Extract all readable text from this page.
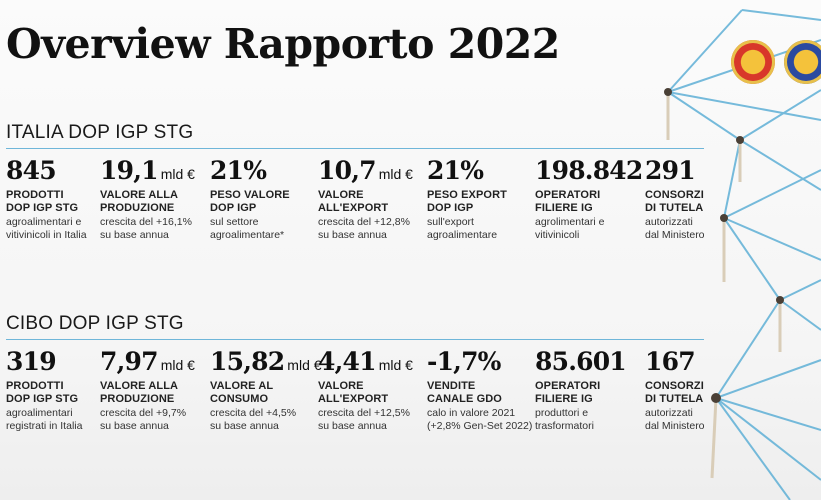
Overview Rapporto 2022
ITALIA DOP IGP STG
845
PRODOTTI
DOP IGP STG
agroalimentari e
vitivinicoli in Italia
19,1 mld €
VALORE ALLA
PRODUZIONE
crescita del +16,1%
su base annua
21%
PESO VALORE
DOP IGP
sul settore
agroalimentare*
10,7 mld €
VALORE
ALL'EXPORT
crescita del +12,8%
su base annua
21%
PESO EXPORT
DOP IGP
sull'export
agroalimentare
198.842
OPERATORI
FILIERE IG
agrolimentari e
vitivinicoli
291
CONSORZI
DI TUTELA
autorizzati
dal Ministero
CIBO DOP IGP STG
319
PRODOTTI
DOP IGP STG
agroalimentari
registrati in Italia
7,97 mld €
VALORE ALLA
PRODUZIONE
crescita del +9,7%
su base annua
15,82 mld €
VALORE AL
CONSUMO
crescita del +4,5%
su base annua
4,41 mld €
VALORE
ALL'EXPORT
crescita del +12,5%
su base annua
-1,7%
VENDITE
CANALE GDO
calo in valore 2021
(+2,8% Gen-Set 2022)
85.601
OPERATORI
FILIERE IG
produttori e
trasformatori
167
CONSORZI
DI TUTELA
autorizzati
dal Ministero
